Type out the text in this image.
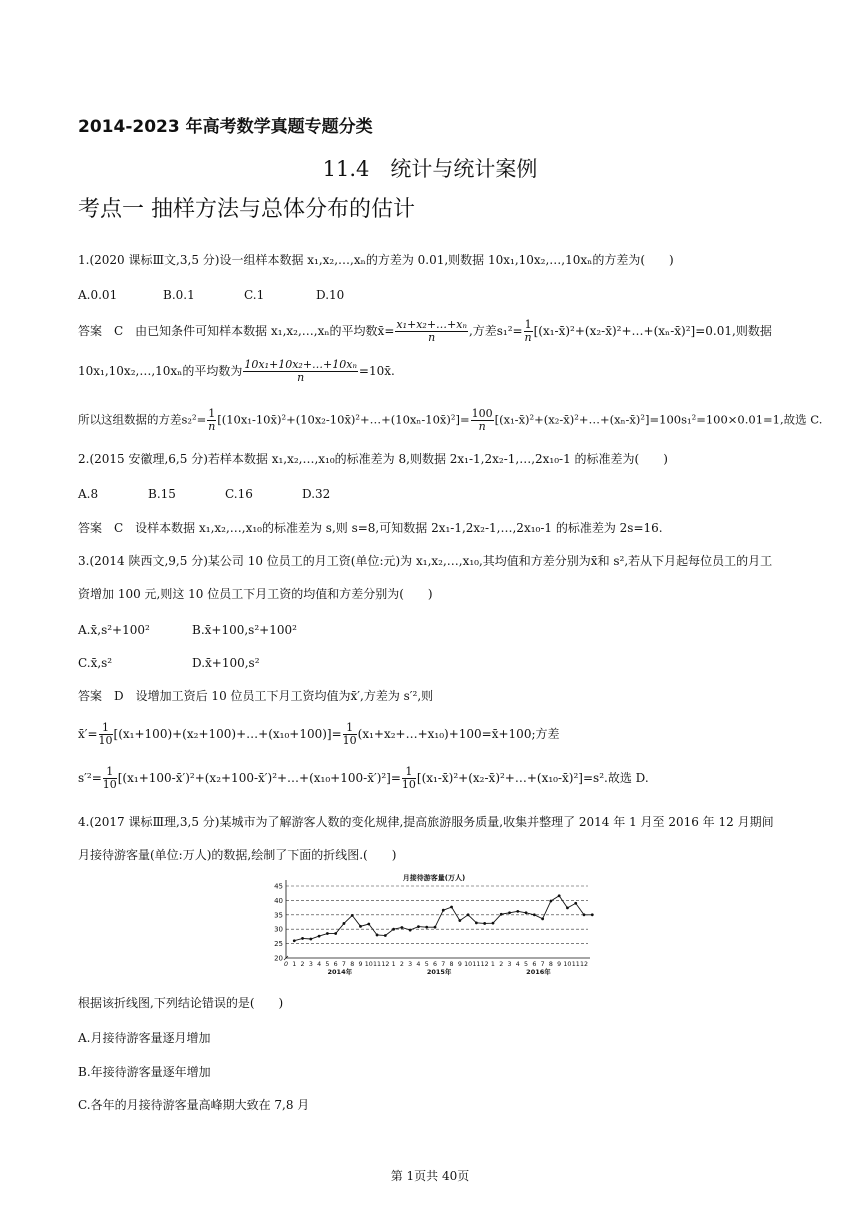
2014-2023 年高考数学真题专题分类
11.4　统计与统计案例
考点一 抽样方法与总体分布的估计
1.(2020 课标Ⅲ文,3,5 分)设一组样本数据 x₁,x₂,…,xₙ的方差为 0.01,则数据 10x₁,10x₂,…,10xₙ的方差为(　　)
A.0.01	B.0.1	C.1	D.10
答案　C　由已知条件可知样本数据 x₁,x₂,…,xₙ的平均数x̄= $\frac{\text{x₁+x₂+…+xₙ}}{n}$ ,方差$s_1^2= \frac{1}{n}$ [(x₁-x̄)²+(x₂-x̄)²+…+(xₙ-x̄)²]=0.01,则数据
10x₁,10x₂,…,10xₙ的平均数为 $\frac{\text{10x₁+10x₂+…+10xₙ}}{n}$ =10x̄.
所以这组数据的方差$s_2^2= \frac{1}{n}$ [(10x₁-10x̄)²+(10x₂-10x̄)²+…+(10xₙ-10x̄)²]= $\frac{100}{n}$ [(x₁-x̄)²+(x₂-x̄)²+…+(xₙ-x̄)²]=100s₁²=100×0.01=1,故选 C.
2.(2015 安徽理,6,5 分)若样本数据 x₁,x₂,…,x₁₀的标准差为 8,则数据 2x₁-1,2x₂-1,…,2x₁₀-1 的标准差为(　　)
A.8	B.15	C.16	D.32
答案　C　设样本数据 x₁,x₂,…,x₁₀的标准差为 s,则 s=8,可知数据 2x₁-1,2x₂-1,…,2x₁₀-1 的标准差为 2s=16.
3.(2014 陕西文,9,5 分)某公司 10 位员工的月工资(单位:元)为 x₁,x₂,…,x₁₀,其均值和方差分别为x̄和 s²,若从下月起每位员工的月工
资增加 100 元,则这 10 位员工下月工资的均值和方差分别为(　　)
A.x̄,s²+100²	B.x̄+100,s²+100²
C.x̄,s²	D.x̄+100,s²
答案　D　设增加工资后 10 位员工下月工资均值为x̄′,方差为 s′²,则
x̄′= $\frac{1}{10}$ [(x₁+100)+(x₂+100)+…+(x₁₀+100)]= $\frac{1}{10}$ (x₁+x₂+…+x₁₀)+100=x̄+100;方差
$s'^2= \frac{1}{10}$ [(x₁+100-x̄′)²+(x₂+100-x̄′)²+…+(x₁₀+100-x̄′)²]= $\frac{1}{10}$ [(x₁-x̄)²+(x₂-x̄)²+…+(x₁₀-x̄)²]=s².故选 D.
4.(2017 课标Ⅲ理,3,5 分)某城市为了解游客人数的变化规律,提高旅游服务质量,收集并整理了 2014 年 1 月至 2016 年 12 月期间
月接待游客量(单位:万人)的数据,绘制了下面的折线图.(　　)
月接待游客量(万人)
45
40
35
30
25
20
0 1 2 3 4 5 6 7 8 9 10 11 12 1 2 3 4 5 6 7 8 9 10 11 12 1 2 3 4 5 6 7 8 9 10 11 12
2014年	2015年	2016年
根据该折线图,下列结论错误的是(　　)
A.月接待游客量逐月增加
B.年接待游客量逐年增加
C.各年的月接待游客量高峰期大致在 7,8 月
第 1页共 40页
